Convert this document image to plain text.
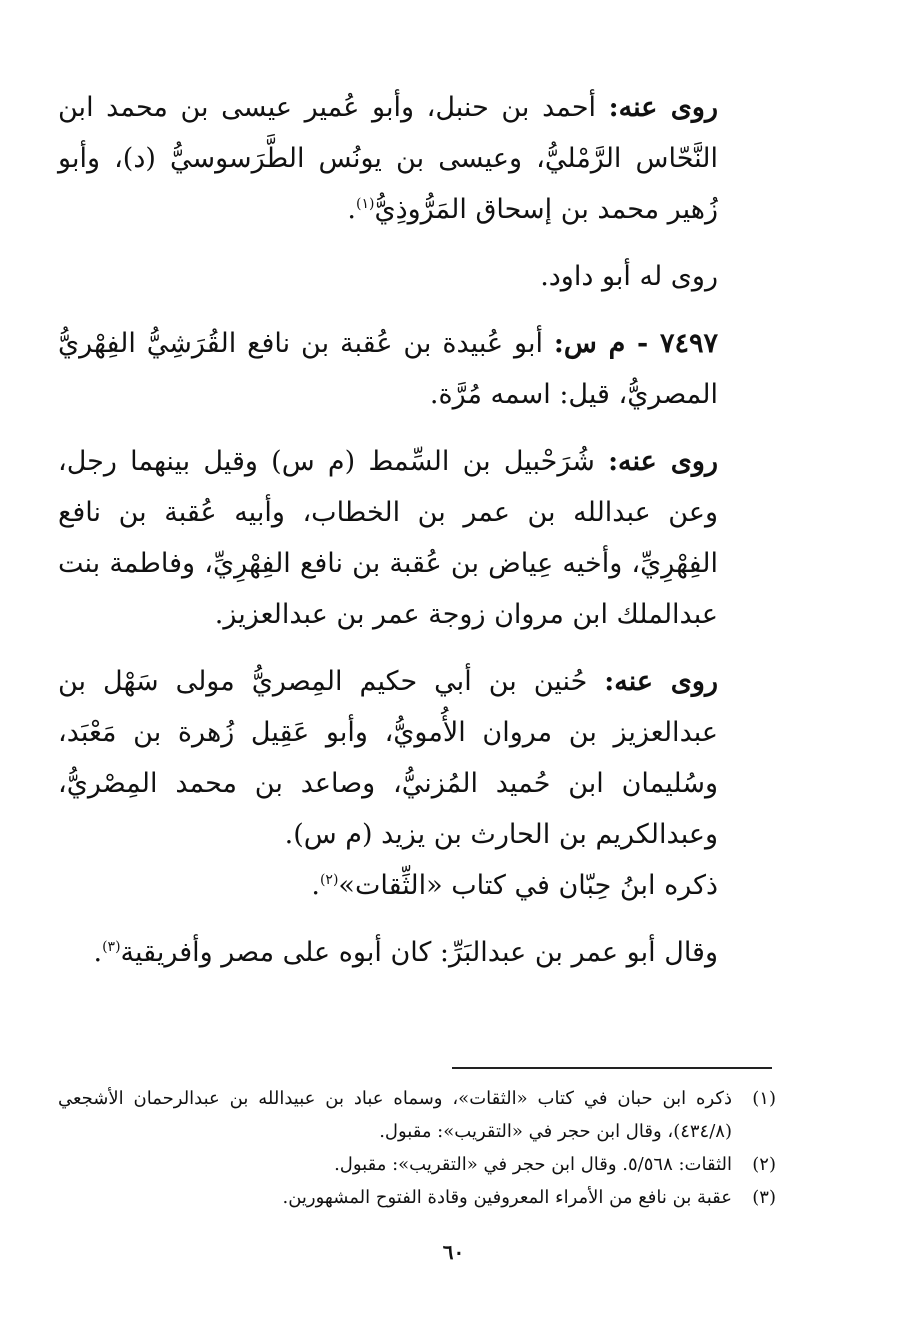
روى عنه: أحمد بن حنبل، وأبو عُمير عيسى بن محمد ابن النَّحّاس الرَّمْليُّ، وعيسى بن يونُس الطَّرَسوسيُّ (د)، وأبو زُهير محمد بن إسحاق المَرُّوذِيُّ$^{(١)}$.

روى له أبو داود.

٧٤٩٧ - م س: أبو عُبيدة بن عُقبة بن نافع القُرَشِيُّ الفِهْريُّ المصريُّ، قيل: اسمه مُرَّة.

روى عنه: شُرَحْبيل بن السِّمط (م س) وقيل بينهما رجل، وعن عبدالله بن عمر بن الخطاب، وأبيه عُقبة بن نافع الفِهْرِيِّ، وأخيه عِياض بن عُقبة بن نافع الفِهْرِيِّ، وفاطمة بنت عبدالملك ابن مروان زوجة عمر بن عبدالعزيز.

روى عنه: حُنين بن أبي حكيم المِصريُّ مولى سَهْل بن عبدالعزيز بن مروان الأُمويُّ، وأبو عَقِيل زُهرة بن مَعْبَد، وسُليمان ابن حُميد المُزنيُّ، وصاعد بن محمد المِصْريُّ، وعبدالكريم بن الحارث بن يزيد (م س).

ذكره ابنُ حِبّان في كتاب «الثِّقات»$^{(٢)}$.

وقال أبو عمر بن عبدالبَرِّ: كان أبوه على مصر وأفريقية$^{(٣)}$.

(١)
ذكره ابن حبان في كتاب «الثقات»، وسماه عباد بن عبيدالله بن عبدالرحمان الأشجعي (٤٣٤/٨)، وقال ابن حجر في «التقريب»: مقبول.
(٢)
الثقات: ٥/٥٦٨. وقال ابن حجر في «التقريب»: مقبول.
(٣)
عقبة بن نافع من الأمراء المعروفين وقادة الفتوح المشهورين.
٦٠
